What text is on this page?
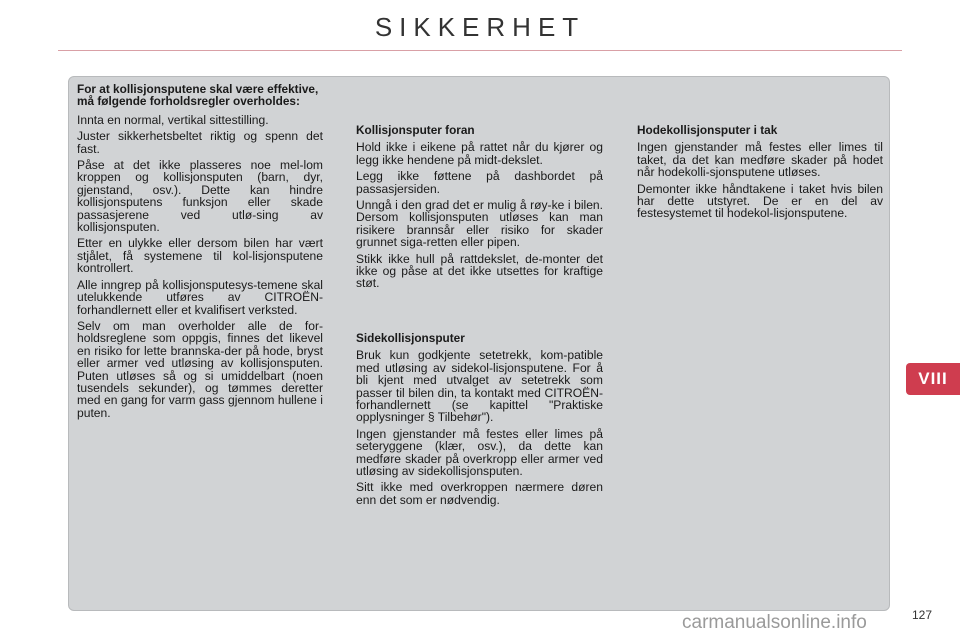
SIKKERHET
For at kollisjonsputene skal være effektive, må følgende forholdsregler overholdes:

Innta en normal, vertikal sittestilling.

Juster sikkerhetsbeltet riktig og spenn det fast.

Påse at det ikke plasseres noe mel-lom kroppen og kollisjonsputen (barn, dyr, gjenstand, osv.). Dette kan hindre kollisjonsputens funksjon eller skade passasjerene ved utlø-sing av kollisjonsputen.

Etter en ulykke eller dersom bilen har vært stjålet, få systemene til kol-lisjonsputene kontrollert.

Alle inngrep på kollisjonsputesys-temene skal utelukkende utføres av CITROËN-forhandlernett eller et kvalifisert verksted.

Selv om man overholder alle de for-holdsreglene som oppgis, finnes det likevel en risiko for lette brannska-der på hode, bryst eller armer ved utløsing av kollisjonsputen. Puten utløses så og si umiddelbart (noen tusendels sekunder), og tømmes deretter med en gang for varm gass gjennom hullene i puten.

Kollisjonsputer foran

Hold ikke i eikene på rattet når du kjører og legg ikke hendene på midt-dekslet.

Legg ikke føttene på dashbordet på passasjersiden.

Unngå i den grad det er mulig å røy-ke i bilen. Dersom kollisjonsputen utløses kan man risikere brannsår eller risiko for skader grunnet siga-retten eller pipen.

Stikk ikke hull på rattdekslet, de-monter det ikke og påse at det ikke utsettes for kraftige støt.

Sidekollisjonsputer

Bruk kun godkjente setetrekk, kom-patible med utløsing av sidekol-lisjonsputene. For å bli kjent med utvalget av setetrekk som passer til bilen din, ta kontakt med CITROËN-forhandlernett (se kapittel "Praktiske opplysninger § Tilbehør").

Ingen gjenstander må festes eller limes på seteryggene (klær, osv.), da dette kan medføre skader på overkropp eller armer ved utløsing av sidekollisjonsputen.

Sitt ikke med overkroppen nærmere døren enn det som er nødvendig.

Hodekollisjonsputer i tak

Ingen gjenstander må festes eller limes til taket, da det kan medføre skader på hodet når hodekolli-sjonsputene utløses.

Demonter ikke håndtakene i taket hvis bilen har dette utstyret. De er en del av festesystemet til hodekol-lisjonsputene.

VIII
127
carmanualsonline.info
